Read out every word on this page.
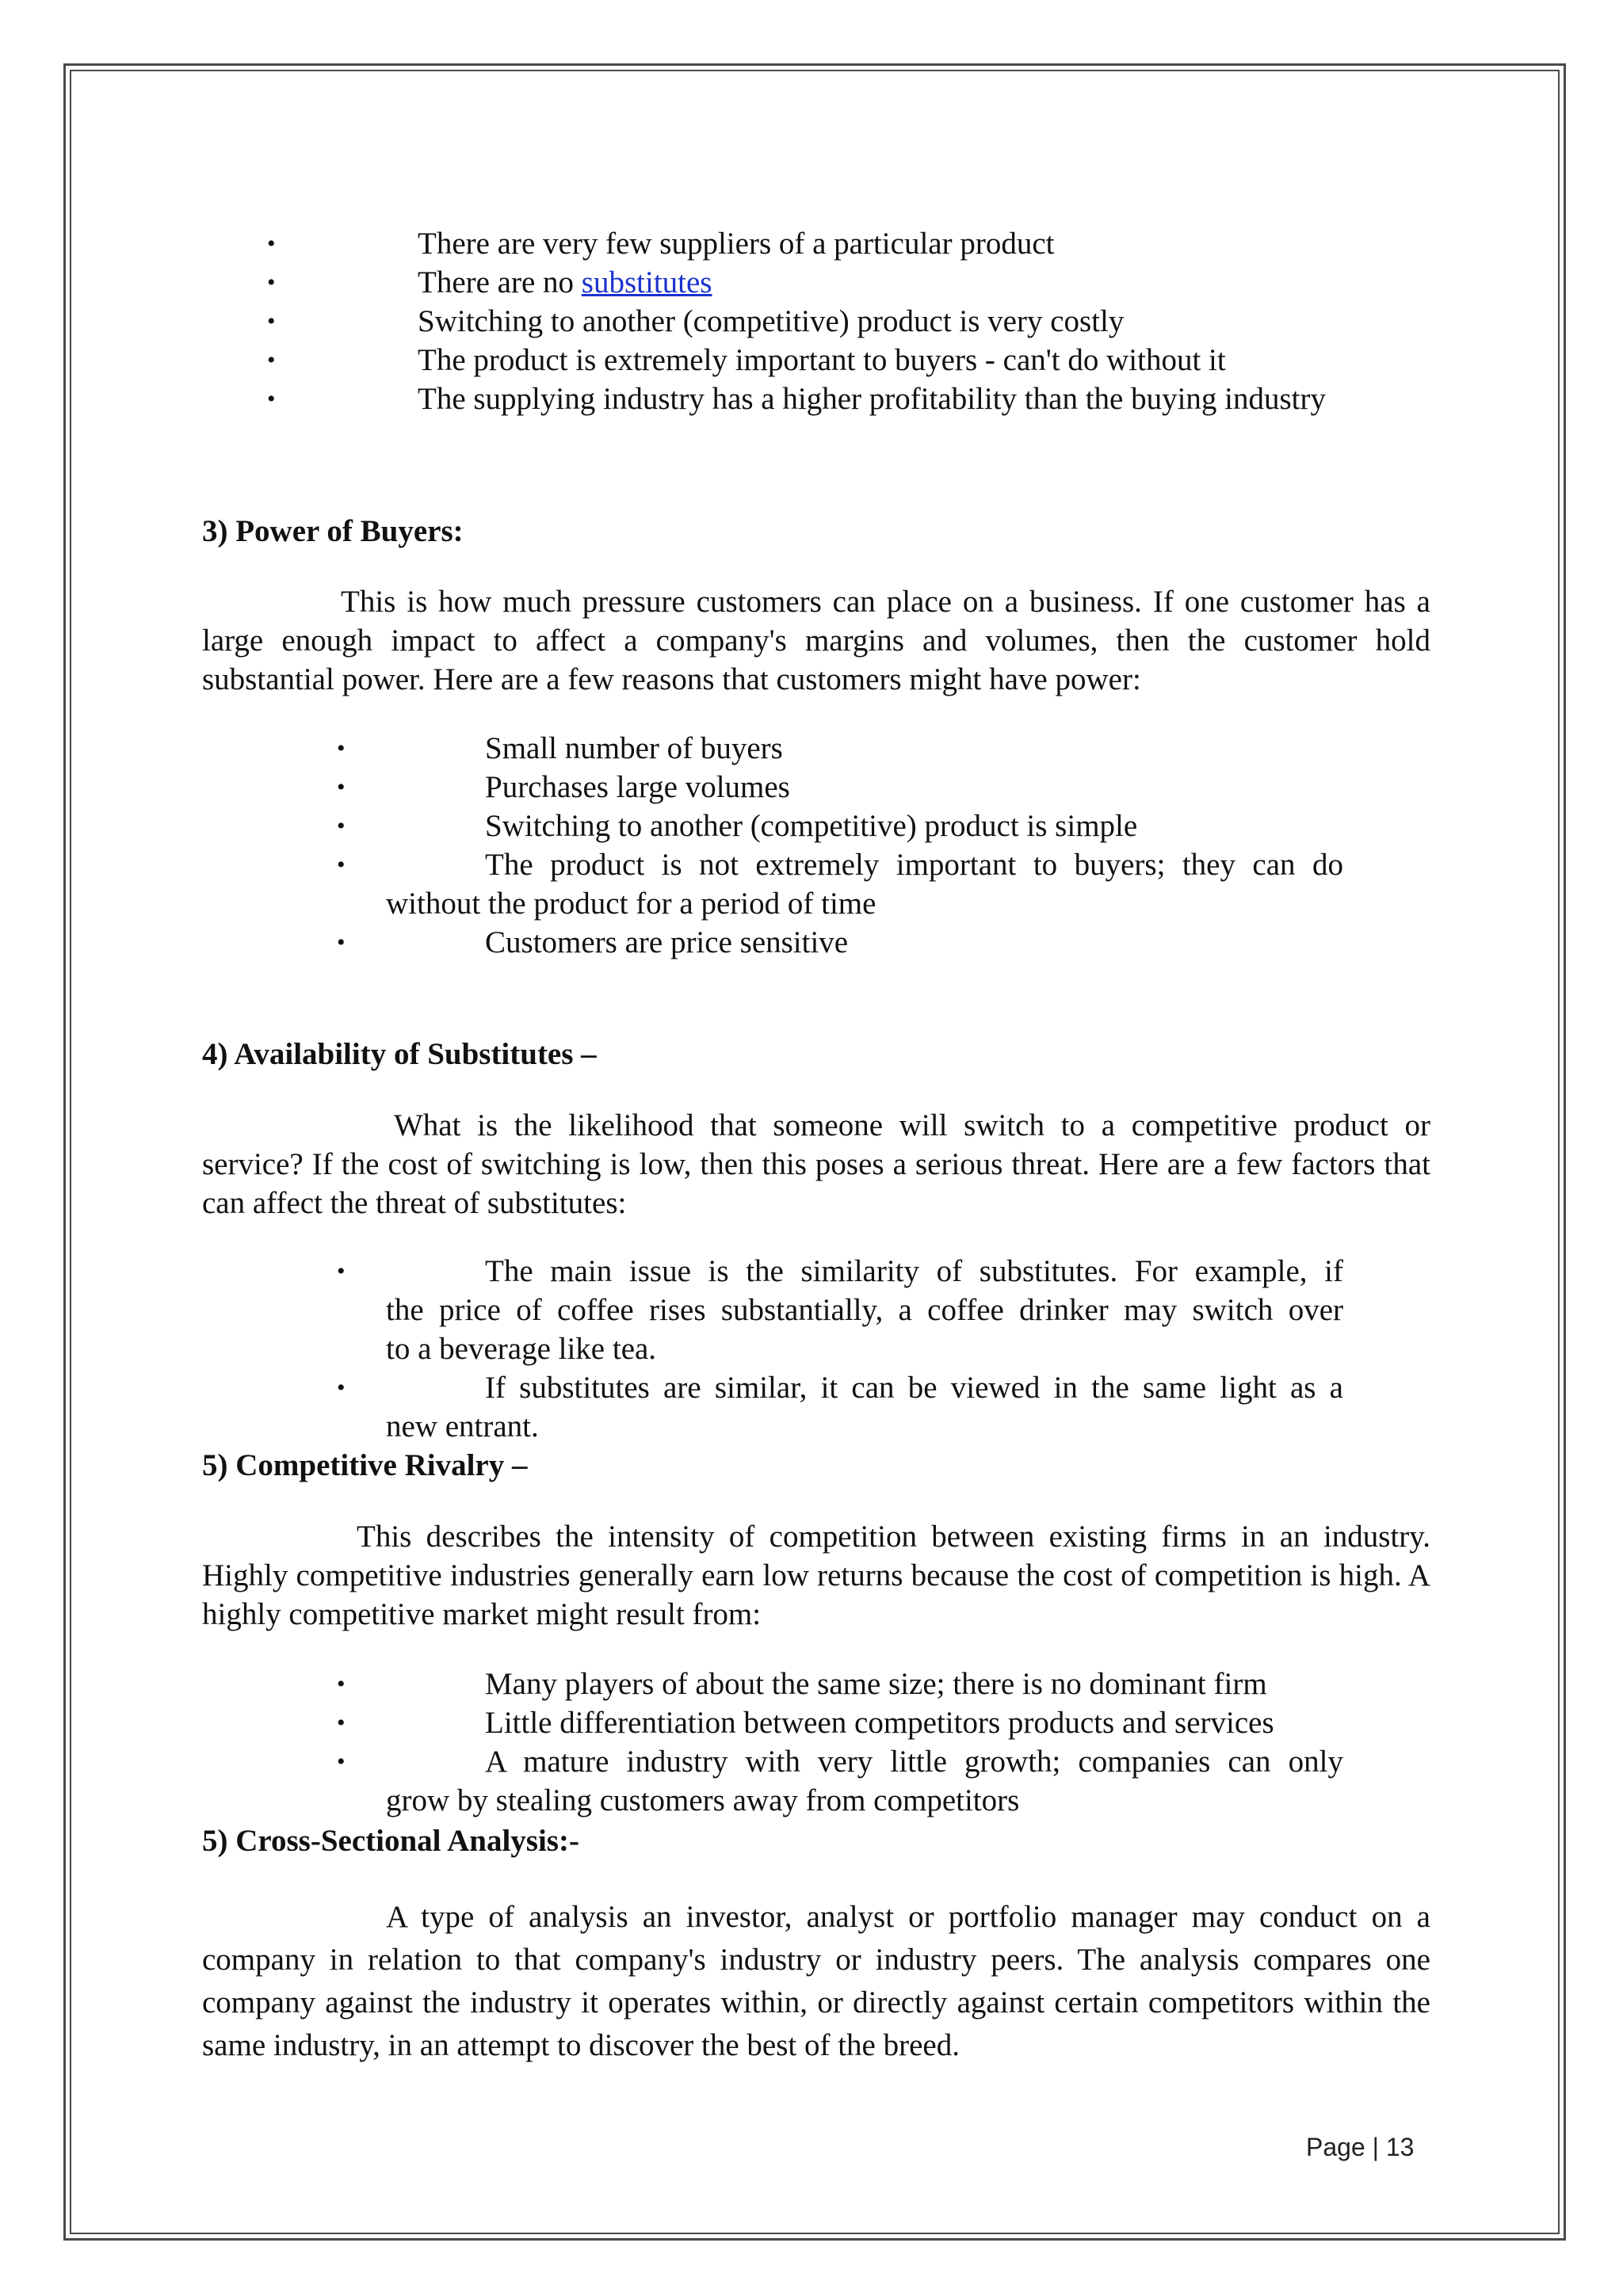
•	There are very few suppliers of a particular product

•	There are no substitutes

•	Switching to another (competitive) product is very costly

•	The product is extremely important to buyers - can't do without it

•	The supplying industry has a higher profitability than the buying industry

3) Power of Buyers:

This is how much pressure customers can place on a business. If one customer has a large enough impact to affect a company's margins and volumes, then the customer hold substantial power. Here are a few reasons that customers might have power:

•	Small number of buyers

•	Purchases large volumes

•	Switching to another (competitive) product is simple

•	The product is not extremely important to buyers; they can do

without the product for a period of time

•	Customers are price sensitive

4) Availability of Substitutes –

What is the likelihood that someone will switch to a competitive product or service? If the cost of switching is low, then this poses a serious threat. Here are a few factors that can affect the threat of substitutes:

•	The main issue is the similarity of substitutes. For example, if

the price of coffee rises substantially, a coffee drinker may switch over

to a beverage like tea.

•	If substitutes are similar, it can be viewed in the same light as a

new entrant.

5) Competitive Rivalry –

This describes the intensity of competition between existing firms in an industry. Highly competitive industries generally earn low returns because the cost of competition is high. A highly competitive market might result from:

•	Many players of about the same size; there is no dominant firm

•	Little differentiation between competitors products and services

•	A mature industry with very little growth; companies can only

grow by stealing customers away from competitors

5) Cross-Sectional Analysis:-

A type of analysis an investor, analyst or portfolio manager may conduct on a company in relation to that company's industry or industry peers. The analysis compares one company against the industry it operates within, or directly against certain competitors within the same industry, in an attempt to discover the best of the breed.

Page | 13
